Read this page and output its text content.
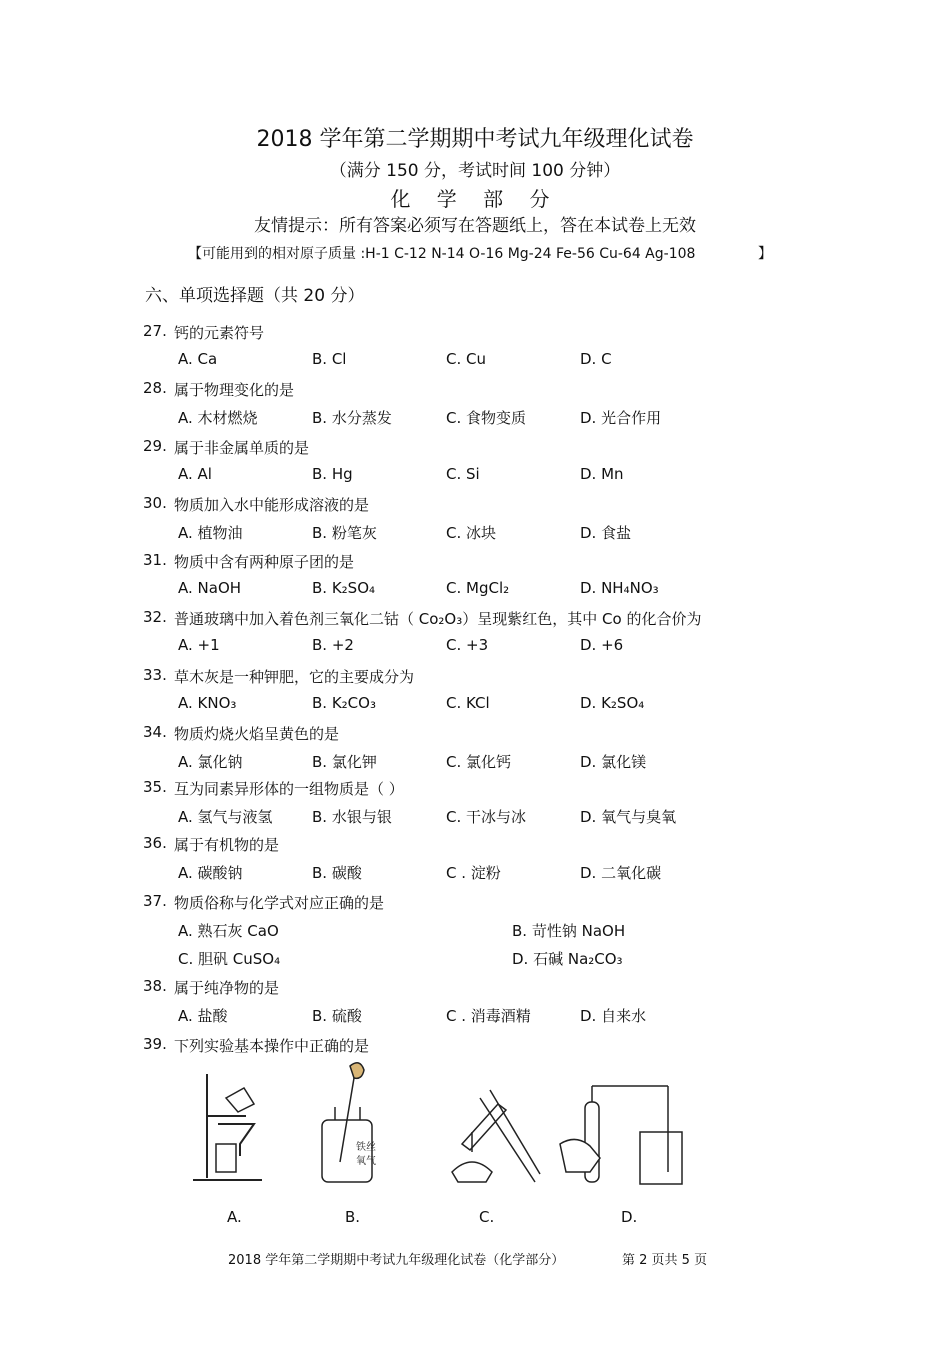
2018 学年第二学期期中考试九年级理化试卷
（满分 150 分，考试时间 100 分钟）
化 学 部 分
友情提示：所有答案必须写在答题纸上，答在本试卷上无效
【可能用到的相对原子质量 :H-1 C-12 N-14 O-16 Mg-24 Fe-56 Cu-64 Ag-108	】
六、单项选择题（共 20 分）
27. 钙的元素符号
A. Ca	B. Cl	C. Cu	D. C
28. 属于物理变化的是
A. 木材燃烧	B. 水分蒸发	C. 食物变质	D. 光合作用
29. 属于非金属单质的是
A. Al	B. Hg	C. Si	D. Mn
30. 物质加入水中能形成溶液的是
A. 植物油	B. 粉笔灰	C. 冰块	D. 食盐
31. 物质中含有两种原子团的是
A. NaOH	B. K₂SO₄	C. MgCl₂	D. NH₄NO₃
32. 普通玻璃中加入着色剂三氧化二钴（ Co₂O₃）呈现紫红色，其中 Co 的化合价为
A. +1	B. +2	C. +3	D. +6
33. 草木灰是一种钾肥，它的主要成分为
A. KNO₃	B. K₂CO₃	C. KCl	D. K₂SO₄
34. 物质灼烧火焰呈黄色的是
A. 氯化钠	B. 氯化钾	C. 氯化钙	D. 氯化镁
35. 互为同素异形体的一组物质是（ ）
A. 氢气与液氢	B. 水银与银	C. 干冰与冰	D. 氧气与臭氧
36. 属于有机物的是
A. 碳酸钠	B. 碳酸	C . 淀粉	D. 二氧化碳
37. 物质俗称与化学式对应正确的是
A. 熟石灰 CaO	B. 苛性钠 NaOH
C. 胆矾 CuSO₄	D. 石碱 Na₂CO₃
38. 属于纯净物的是
A. 盐酸	B. 硫酸	C . 消毒酒精	D. 自来水
39. 下列实验基本操作中正确的是
铁丝
氧气
A.	B.	C.	D.
2018 学年第二学期期中考试九年级理化试卷（化学部分）	第 2 页共 5 页
